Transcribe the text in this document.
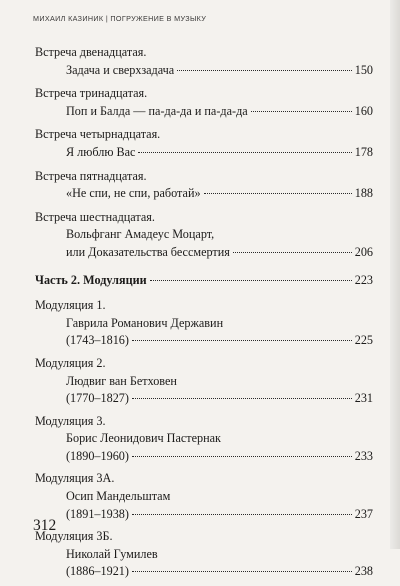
МИХАИЛ КАЗИНИК | ПОГРУЖЕНИЕ В МУЗЫКУ
Встреча двенадцатая.
Задача и сверхзадача	150
Встреча тринадцатая.
Поп и Балда — па-да-да и па-да-да	160
Встреча четырнадцатая.
Я люблю Вас	178
Встреча пятнадцатая.
«Не спи, не спи, работай»	188
Встреча шестнадцатая.
Вольфганг Амадеус Моцарт,
или Доказательства бессмертия	206
Часть 2. Модуляции	223
Модуляция 1.
Гаврила Романович Державин
(1743–1816)	225
Модуляция 2.
Людвиг ван Бетховен
(1770–1827)	231
Модуляция 3.
Борис Леонидович Пастернак
(1890–1960)	233
Модуляция 3А.
Осип Мандельштам
(1891–1938)	237
Модуляция 3Б.
Николай Гумилев
(1886–1921)	238
312
